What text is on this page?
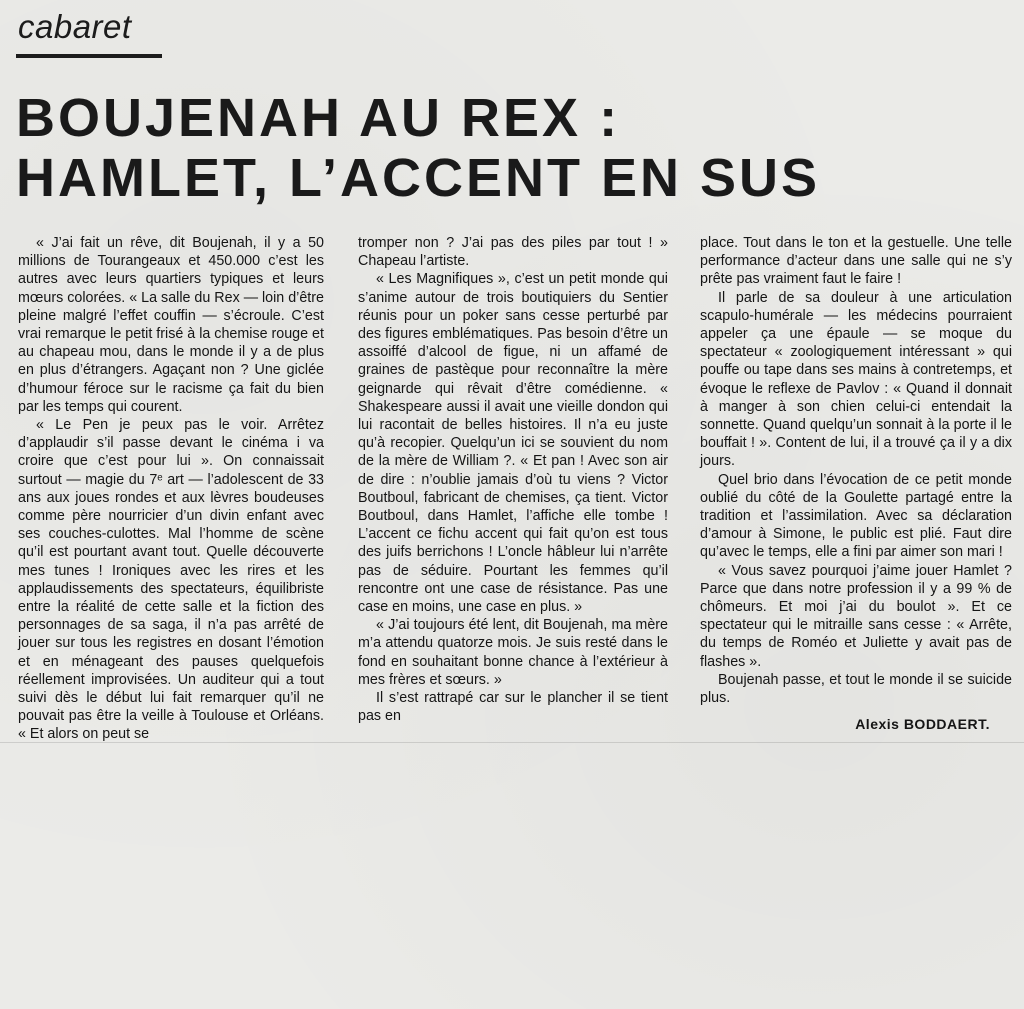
cabaret
BOUJENAH AU REX :
HAMLET, L’ACCENT EN SUS

« J’ai fait un rêve, dit Boujenah, il y a 50 millions de Tourangeaux et 450.000 c’est les autres avec leurs quartiers typiques et leurs mœurs colorées. « La salle du Rex — loin d’être pleine malgré l’effet couffin — s’écroule. C’est vrai remarque le petit frisé à la chemise rouge et au chapeau mou, dans le monde il y a de plus en plus d’étrangers. Agaçant non ? Une giclée d’humour féroce sur le racisme ça fait du bien par les temps qui courent.

« Le Pen je peux pas le voir. Arrêtez d’applaudir s’il passe devant le cinéma i va croire que c’est pour lui ». On connaissait surtout — magie du 7ᵉ art — l’adolescent de 33 ans aux joues rondes et aux lèvres boudeuses comme père nourricier d’un divin enfant avec ses couches-culottes. Mal l’homme de scène qu’il est pourtant avant tout. Quelle découverte mes tunes ! Ironiques avec les rires et les applaudissements des spectateurs, équilibriste entre la réalité de cette salle et la fiction des personnages de sa saga, il n’a pas arrêté de jouer sur tous les registres en dosant l’émotion et en ménageant des pauses quelquefois réellement improvisées. Un auditeur qui a tout suivi dès le début lui fait remarquer qu’il ne pouvait pas être la veille à Toulouse et Orléans. « Et alors on peut se

tromper non ? J’ai pas des piles par tout ! » Chapeau l’artiste.

« Les Magnifiques », c’est un petit monde qui s’anime autour de trois boutiquiers du Sentier réunis pour un poker sans cesse perturbé par des figures emblématiques. Pas besoin d’être un assoiffé d’alcool de figue, ni un affamé de graines de pastèque pour reconnaître la mère geignarde qui rêvait d’être comédienne. « Shakespeare aussi il avait une vieille dondon qui lui racontait de belles histoires. Il n’a eu juste qu’à recopier. Quelqu’un ici se souvient du nom de la mère de William ?. « Et pan ! Avec son air de dire : n’oublie jamais d’où tu viens ? Victor Boutboul, fabricant de chemises, ça tient. Victor Boutboul, dans Hamlet, l’affiche elle tombe ! L’accent ce fichu accent qui fait qu’on est tous des juifs berrichons ! L’oncle hâbleur lui n’arrête pas de séduire. Pourtant les femmes qu’il rencontre ont une case de résistance. Pas une case en moins, une case en plus. »

« J’ai toujours été lent, dit Boujenah, ma mère m’a attendu quatorze mois. Je suis resté dans le fond en souhaitant bonne chance à l’extérieur à mes frères et sœurs. »

Il s’est rattrapé car sur le plancher il se tient pas en

place. Tout dans le ton et la gestuelle. Une telle performance d’acteur dans une salle qui ne s’y prête pas vraiment faut le faire !

Il parle de sa douleur à une articulation scapulo-humérale — les médecins pourraient appeler ça une épaule — se moque du spectateur « zoologiquement intéressant » qui pouffe ou tape dans ses mains à contretemps, et évoque le reflexe de Pavlov : « Quand il donnait à manger à son chien celui-ci entendait la sonnette. Quand quelqu’un sonnait à la porte il le bouffait ! ». Content de lui, il a trouvé ça il y a dix jours.

Quel brio dans l’évocation de ce petit monde oublié du côté de la Goulette partagé entre la tradition et l’assimilation. Avec sa déclaration d’amour à Simone, le public est plié. Faut dire qu’avec le temps, elle a fini par aimer son mari !

« Vous savez pourquoi j’aime jouer Hamlet ? Parce que dans notre profession il y a 99 % de chômeurs. Et moi j’ai du boulot ». Et ce spectateur qui le mitraille sans cesse : « Arrête, du temps de Roméo et Juliette y avait pas de flashes ».

Boujenah passe, et tout le monde il se suicide plus.

Alexis BODDAERT.
